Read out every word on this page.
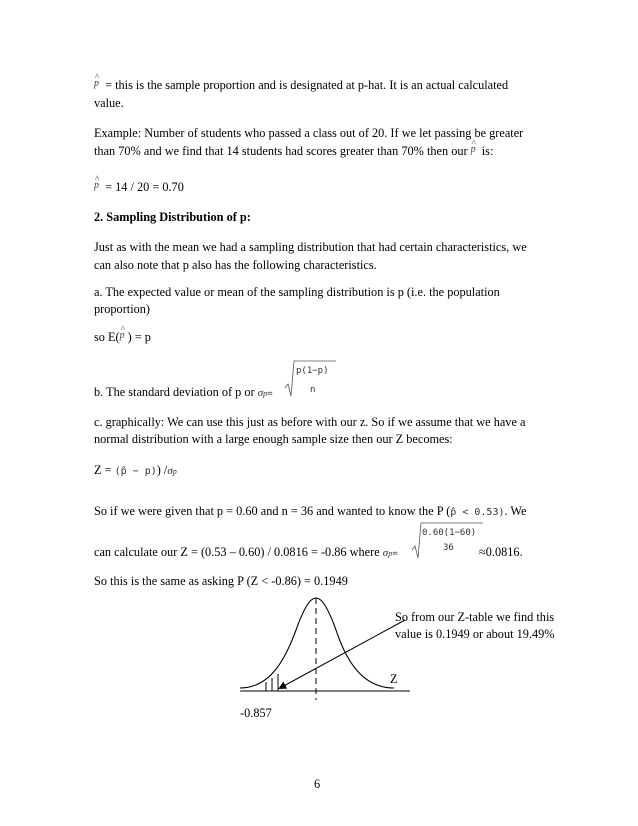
^ p = this is the sample proportion and is designated at p-hat. It is an actual calculated
value.
Example: Number of students who passed a class out of 20. If we let passing be greater
than 70% and we find that 14 students had scores greater than 70% then our ^ p is:
^ p = 14 / 20 = 0.70
2. Sampling Distribution of p:
Just as with the mean we had a sampling distribution that had certain characteristics, we
can also note that p also has the following characteristics.
a. The expected value or mean of the sampling distribution is p (i.e. the population
proportion)
so E(^ p ) = p
b. The standard deviation of p or σp=
p(1−p)
n
c. graphically: We can use this just as before with our z. So if we assume that we have a
normal distribution with a large enough sample size then our Z becomes:
Z = (p̂ − p)) /σp
So if we were given that p = 0.60 and n = 36 and wanted to know the P (p̂ < 0.53). We
can calculate our Z = (0.53 – 0.60) / 0.0816 = -0.86 where σp=
0.60(1−60)
36 ≈0.0816.
So this is the same as asking P (Z < -0.86) = 0.1949
So from our Z-table we find this
value is 0.1949 or about 19.49%
Z
-0.857
6
